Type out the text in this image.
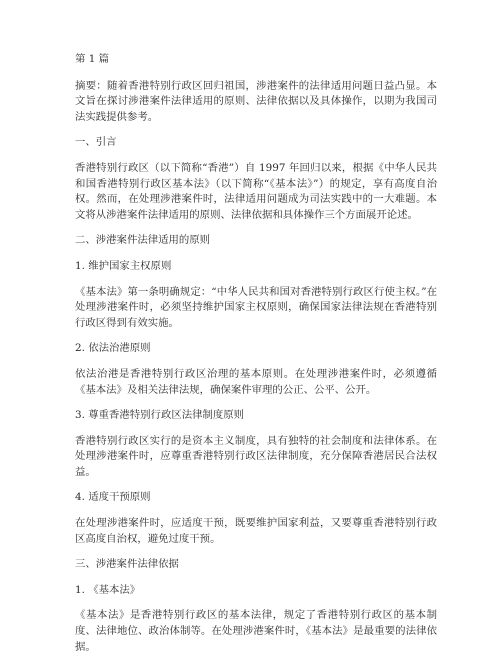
第 1 篇
摘要：随着香港特别行政区回归祖国，涉港案件的法律适用问题日益凸显。本文旨在探讨涉港案件法律适用的原则、法律依据以及具体操作，以期为我国司法实践提供参考。
一、引言
香港特别行政区（以下简称“香港”）自 1997 年回归以来，根据《中华人民共和国香港特别行政区基本法》（以下简称“《基本法》”）的规定，享有高度自治权。然而，在处理涉港案件时，法律适用问题成为司法实践中的一大难题。本文将从涉港案件法律适用的原则、法律依据和具体操作三个方面展开论述。
二、涉港案件法律适用的原则
1. 维护国家主权原则
《基本法》第一条明确规定：“中华人民共和国对香港特别行政区行使主权。”在处理涉港案件时，必须坚持维护国家主权原则，确保国家法律法规在香港特别行政区得到有效实施。
2. 依法治港原则
依法治港是香港特别行政区治理的基本原则。在处理涉港案件时，必须遵循《基本法》及相关法律法规，确保案件审理的公正、公平、公开。
3. 尊重香港特别行政区法律制度原则
香港特别行政区实行的是资本主义制度，具有独特的社会制度和法律体系。在处理涉港案件时，应尊重香港特别行政区法律制度，充分保障香港居民合法权益。
4. 适度干预原则
在处理涉港案件时，应适度干预，既要维护国家利益，又要尊重香港特别行政区高度自治权，避免过度干预。
三、涉港案件法律依据
1. 《基本法》
《基本法》是香港特别行政区的基本法律，规定了香港特别行政区的基本制度、法律地位、政治体制等。在处理涉港案件时，《基本法》是最重要的法律依据。
